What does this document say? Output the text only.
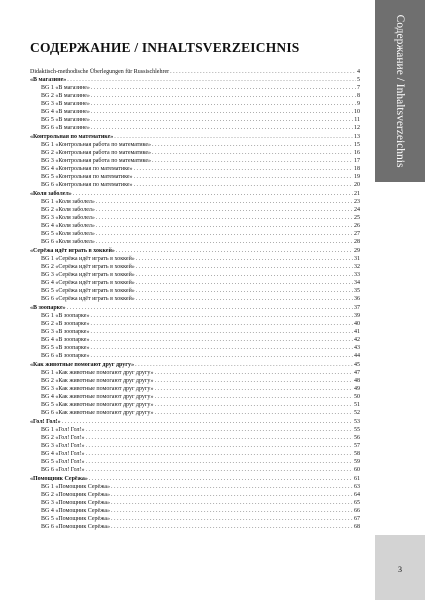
СОДЕРЖАНИЕ / INHALTSVERZEICHNIS
Didaktisch-methodische Überlegungen für Russischlehrer . . .	4
«В магазине» . . .	5
BG 1 «В магазине» . . .	7
BG 2 «В магазине» . . .	8
BG 3 «В магазине» . . .	9
BG 4 «В магазине» . . .	10
BG 5 «В магазине» . . .	11
BG 6 «В магазине» . . .	12
«Контрольная по математике» . . .	13
BG 1 «Контрольная работа по математике» . . .	15
BG 2 «Контрольная работа по математике» . . .	16
BG 3 «Контрольная работа по математике» . . .	17
BG 4 «Контрольная по математике» . . .	18
BG 5 «Контрольная по математике» . . .	19
BG 6 «Контрольная по математике» . . .	20
«Коля заболел» . . .	21
BG 1 «Коля заболел» . . .	23
BG 2 «Коля заболел» . . .	24
BG 3 «Коля заболел» . . .	25
BG 4 «Коля заболел» . . .	26
BG 5 «Коля заболел» . . .	27
BG 6 «Коля заболел» . . .	28
«Серёжа идёт играть в хоккей» . . .	29
BG 1 «Серёжа идёт играть в хоккей» . . .	31
BG 2 «Серёжа идёт играть в хоккей» . . .	32
BG 3 «Серёжа идёт играть в хоккей» . . .	33
BG 4 «Серёжа идёт играть в хоккей» . . .	34
BG 5 «Серёжа идёт играть в хоккей» . . .	35
BG 6 «Серёжа идёт играть в хоккей» . . .	36
«В зоопарке» . . .	37
BG 1 «В зоопарке» . . .	39
BG 2 «В зоопарке» . . .	40
BG 3 «В зоопарке» . . .	41
BG 4 «В зоопарке» . . .	42
BG 5 «В зоопарке» . . .	43
BG 6 «В зоопарке» . . .	44
«Как животные помогают друг другу» . . .	45
BG 1 «Как животные помогают друг другу» . . .	47
BG 2 «Как животные помогают друг другу» . . .	48
BG 3 «Как животные помогают друг другу» . . .	49
BG 4 «Как животные помогают друг другу» . . .	50
BG 5 «Как животные помогают друг другу» . . .	51
BG 6 «Как животные помогают друг другу» . . .	52
«Гол! Гол!» . . .	53
BG 1 «Гол! Гол!» . . .	55
BG 2 «Гол! Гол!» . . .	56
BG 3 «Гол! Гол!» . . .	57
BG 4 «Гол! Гол!» . . .	58
BG 5 «Гол! Гол!» . . .	59
BG 6 «Гол! Гол!» . . .	60
«Помощник Серёжа» . . .	61
BG 1 «Помощник Серёжа» . . .	63
BG 2 «Помощник Серёжа» . . .	64
BG 3 «Помощник Серёжа» . . .	65
BG 4 «Помощник Серёжа» . . .	66
BG 5 «Помощник Серёжа» . . .	67
BG 6 «Помощник Серёжа» . . .	68
Содержание / Inhaltsverzeichnis
3
